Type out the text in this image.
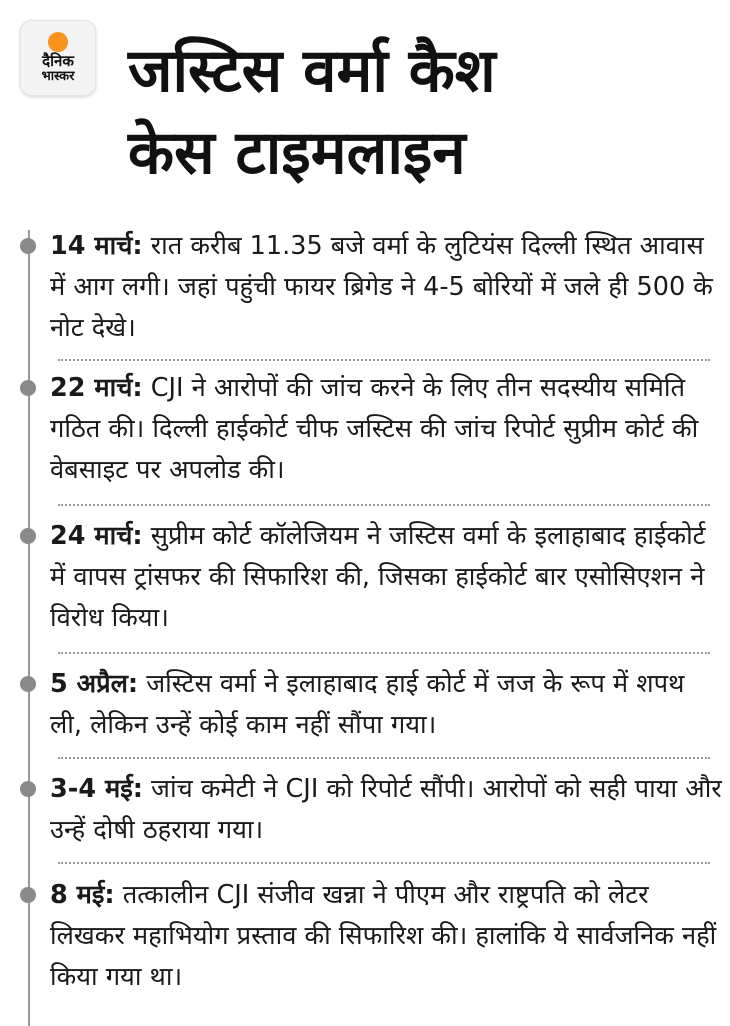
दैनिक
भास्कर जस्टिस वर्मा कैश
केस टाइमलाइन
14 मार्च: रात करीब 11.35 बजे वर्मा के लुटियंस दिल्ली स्थित आवास में आग लगी। जहां पहुंची फायर ब्रिगेड ने 4-5 बोरियों में जले ही 500 के नोट देखे।
22 मार्च: CJI ने आरोपों की जांच करने के लिए तीन सदस्यीय समिति गठित की। दिल्ली हाईकोर्ट चीफ जस्टिस की जांच रिपोर्ट सुप्रीम कोर्ट की वेबसाइट पर अपलोड की।
24 मार्च: सुप्रीम कोर्ट कॉलेजियम ने जस्टिस वर्मा के इलाहाबाद हाईकोर्ट में वापस ट्रांसफर की सिफारिश की, जिसका हाईकोर्ट बार एसोसिएशन ने विरोध किया।
5 अप्रैल: जस्टिस वर्मा ने इलाहाबाद हाई कोर्ट में जज के रूप में शपथ ली, लेकिन उन्हें कोई काम नहीं सौंपा गया।
3-4 मई: जांच कमेटी ने CJI को रिपोर्ट सौंपी। आरोपों को सही पाया और उन्हें दोषी ठहराया गया।
8 मई: तत्कालीन CJI संजीव खन्ना ने पीएम और राष्ट्रपति को लेटर लिखकर महाभियोग प्रस्ताव की सिफारिश की। हालांकि ये सार्वजनिक नहीं किया गया था।
